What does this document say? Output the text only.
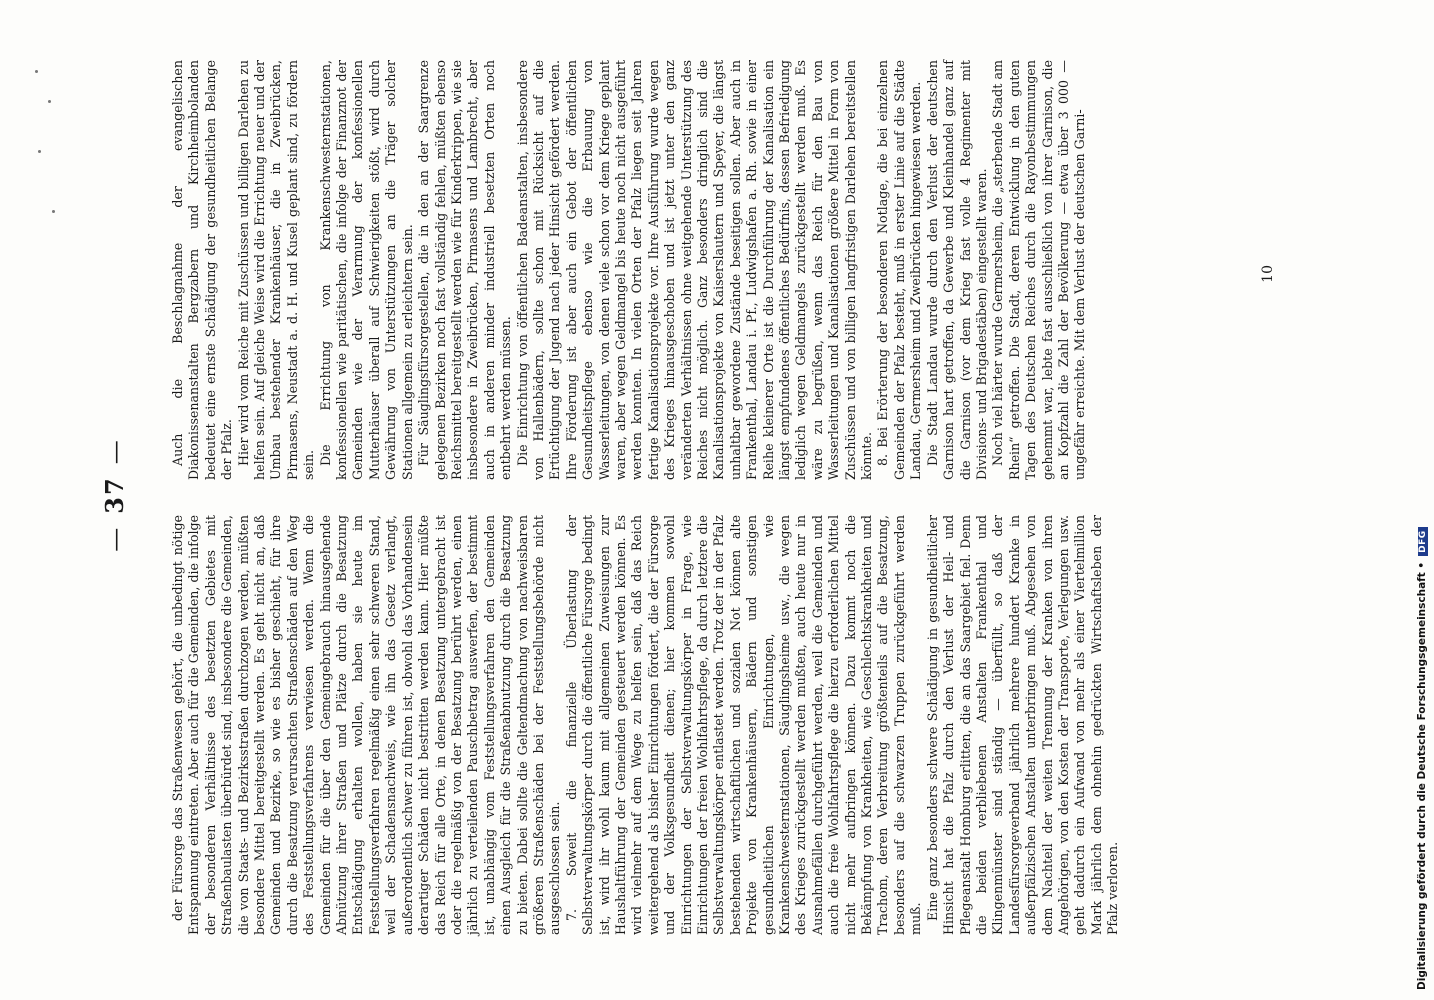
—37—

der Fürsorge das Straßenwesen gehört, die unbedingt nötige Entspannung eintreten. Aber auch für die Gemeinden, die infolge der besonderen Verhältnisse des besetzten Gebietes mit Straßenbaulasten überbürdet sind, insbesondere die Gemeinden, die von Staats- und Bezirksstraßen durchzogen werden, müßten besondere Mittel bereitgestellt werden. Es geht nicht an, daß Gemeinden und Bezirke, so wie es bisher geschieht, für ihre durch die Besatzung verursachten Straßenschäden auf den Weg des Feststellungsverfahrens verwiesen werden. Wenn die Gemeinden für die über den Gemeingebrauch hinausgehende Abnützung ihrer Straßen und Plätze durch die Besatzung Entschädigung erhalten wollen, haben sie heute im Feststellungsverfahren regelmäßig einen sehr schweren Stand, weil der Schadensnachweis, wie ihn das Gesetz verlangt, außerordentlich schwer zu führen ist, obwohl das Vorhandensein derartiger Schäden nicht bestritten werden kann. Hier müßte das Reich für alle Orte, in denen Besatzung untergebracht ist oder die regelmäßig von der Besatzung berührt werden, einen jährlich zu verteilenden Pauschbetrag auswerfen, der bestimmt ist, unabhängig vom Feststellungsverfahren den Gemeinden einen Ausgleich für die Straßenabnutzung durch die Besatzung zu bieten. Dabei sollte die Geltendmachung von nachweisbaren größeren Straßenschäden bei der Feststellungsbehörde nicht ausgeschlossen sein. 7. Soweit die finanzielle Überlastung der Selbstverwaltungskörper durch die öffentliche Fürsorge bedingt ist, wird ihr wohl kaum mit allgemeinen Zuweisungen zur Haushaltführung der Gemeinden gesteuert werden können. Es wird vielmehr auf dem Wege zu helfen sein, daß das Reich weitergehend als bisher Einrichtungen fördert, die der Fürsorge und der Volksgesundheit dienen; hier kommen sowohl Einrichtungen der Selbstverwaltungskörper in Frage, wie Einrichtungen der freien Wohlfahrtspflege, da durch letztere die Selbstverwaltungskörper entlastet werden. Trotz der in der Pfalz bestehenden wirtschaftlichen und sozialen Not können alte Projekte von Krankenhäusern, Bädern und sonstigen gesundheitlichen Einrichtungen, wie Krankenschwesternstationen, Säuglingsheime usw., die wegen des Krieges zurückgestellt werden mußten, auch heute nur in Ausnahmefällen durchgeführt werden, weil die Gemeinden und auch die freie Wohlfahrtspflege die hierzu erforderlichen Mittel nicht mehr aufbringen können. Dazu kommt noch die Bekämpfung von Krankheiten, wie Geschlechtskrankheiten und Trachom, deren Verbreitung größtenteils auf die Besatzung, besonders auf die schwarzen Truppen zurückgeführt werden muß. Eine ganz besonders schwere Schädigung in gesundheitlicher Hinsicht hat die Pfalz durch den Verlust der Heil- und Pflegeanstalt Homburg erlitten, die an das Saargebiet fiel. Denn die beiden verbliebenen Anstalten Frankenthal und Klingenmünster sind ständig — überfüllt, so daß der Landesfürsorgeverband jährlich mehrere hundert Kranke in außerpfälzischen Anstalten unterbringen muß. Abgesehen von dem Nachteil der weiten Trennung der Kranken von ihren Angehörigen, von den Kosten der Transporte, Verlegungen usw. geht dadurch ein Aufwand von mehr als einer Viertelmillion Mark jährlich dem ohnehin gedrückten Wirtschaftsleben der Pfalz verloren.

Auch die Beschlagnahme der evangelischen Diakonissenanstalten Bergzabern und Kirchheimbolanden bedeutet eine ernste Schädigung der gesundheitlichen Belange der Pfalz. Hier wird vom Reiche mit Zuschüssen und billigen Darlehen zu helfen sein. Auf gleiche Weise wird die Errichtung neuer und der Umbau bestehender Krankenhäuser, die in Zweibrücken, Pirmasens, Neustadt a. d. H. und Kusel geplant sind, zu fördern sein. Die Errichtung von Krankenschwesternstationen, konfessionellen wie paritätischen, die infolge der Finanznot der Gemeinden wie der Verarmung der konfessionellen Mutterhäuser überall auf Schwierigkeiten stößt, wird durch Gewährung von Unterstützungen an die Träger solcher Stationen allgemein zu erleichtern sein. Für Säuglingsfürsorgestellen, die in den an der Saargrenze gelegenen Bezirken noch fast vollständig fehlen, müßten ebenso Reichsmittel bereitgestellt werden wie für Kinderkrippen, wie sie insbesondere in Zweibrücken, Pirmasens und Lambrecht, aber auch in anderen minder industriell besetzten Orten noch entbehrt werden müssen. Die Einrichtung von öffentlichen Badeanstalten, insbesondere von Hallenbädern, sollte schon mit Rücksicht auf die Ertüchtigung der Jugend nach jeder Hinsicht gefördert werden. Ihre Förderung ist aber auch ein Gebot der öffentlichen Gesundheitspflege ebenso wie die Erbauung von Wasserleitungen, von denen viele schon vor dem Kriege geplant waren, aber wegen Geldmangel bis heute noch nicht ausgeführt werden konnten. In vielen Orten der Pfalz liegen seit Jahren fertige Kanalisationsprojekte vor. Ihre Ausführung wurde wegen des Krieges hinausgeschoben und ist jetzt unter den ganz veränderten Verhältnissen ohne weitgehende Unterstützung des Reiches nicht möglich. Ganz besonders dringlich sind die Kanalisationsprojekte von Kaiserslautern und Speyer, die längst unhaltbar gewordene Zustände beseitigen sollen. Aber auch in Frankenthal, Landau i. Pf., Ludwigshafen a. Rh. sowie in einer Reihe kleinerer Orte ist die Durchführung der Kanalisation ein längst empfundenes öffentliches Bedürfnis, dessen Befriedigung lediglich wegen Geldmangels zurückgestellt werden muß. Es wäre zu begrüßen, wenn das Reich für den Bau von Wasserleitungen und Kanalisationen größere Mittel in Form von Zuschüssen und von billigen langfristigen Darlehen bereitstellen könnte. 8. Bei Erörterung der besonderen Notlage, die bei einzelnen Gemeinden der Pfalz besteht, muß in erster Linie auf die Städte Landau, Germersheim und Zweibrücken hingewiesen werden. Die Stadt Landau wurde durch den Verlust der deutschen Garnison hart getroffen, da Gewerbe und Kleinhandel ganz auf die Garnison (vor dem Krieg fast volle 4 Regimenter mit Divisions- und Brigadestäben) eingestellt waren. Noch viel härter wurde Germersheim, die „sterbende Stadt am Rhein“ getroffen. Die Stadt, deren Entwicklung in den guten Tagen des Deutschen Reiches durch die Rayonbestimmungen gehemmt war, lebte fast ausschließlich von ihrer Garnison, die an Kopfzahl die Zahl der Bevölkerung — etwa über 3 000 — ungefähr erreichte. Mit dem Verlust der deutschen Garni-	10
Digitalisierung gefördert durch die Deutsche Forschungsgemeinschaft •DFG
